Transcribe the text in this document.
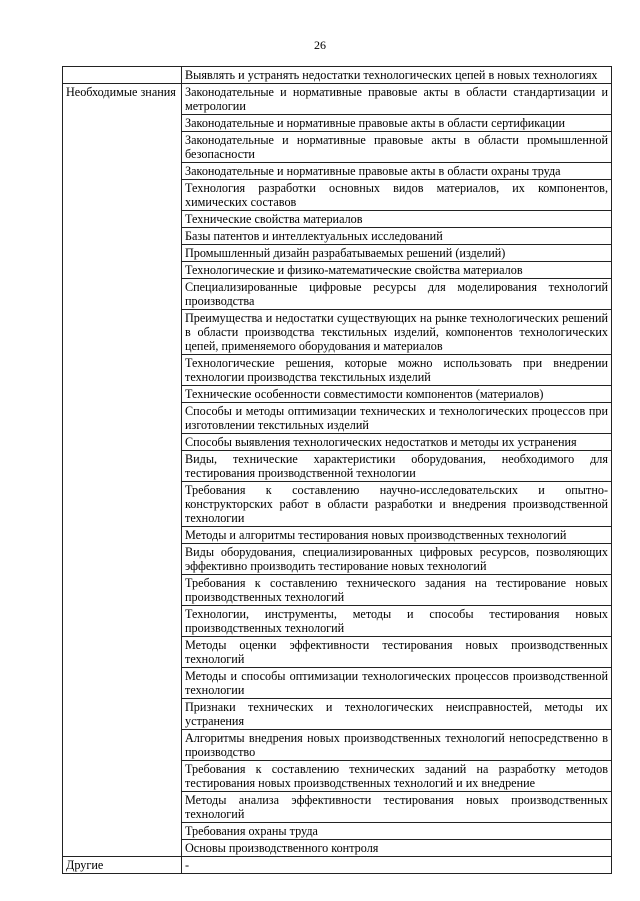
26
	Выявлять и устранять недостатки технологических цепей в новых технологиях
Необходимые знания	Законодательные и нормативные правовые акты в области стандартизации и метрологии
	Законодательные и нормативные правовые акты в области сертификации
	Законодательные и нормативные правовые акты в области промышленной безопасности
	Законодательные и нормативные правовые акты в области охраны труда
	Технология разработки основных видов материалов, их компонентов, химических составов
	Технические свойства материалов
	Базы патентов и интеллектуальных исследований
	Промышленный дизайн разрабатываемых решений (изделий)
	Технологические и физико-математические свойства материалов
	Специализированные цифровые ресурсы для моделирования технологий производства
	Преимущества и недостатки существующих на рынке технологических решений в области производства текстильных изделий, компонентов технологических цепей, применяемого оборудования и материалов
	Технологические решения, которые можно использовать при внедрении технологии производства текстильных изделий
	Технические особенности совместимости компонентов (материалов)
	Способы и методы оптимизации технических и технологических процессов при изготовлении текстильных изделий
	Способы выявления технологических недостатков и методы их устранения
	Виды, технические характеристики оборудования, необходимого для тестирования производственной технологии
	Требования к составлению научно-исследовательских и опытно-конструкторских работ в области разработки и внедрения производственной технологии
	Методы и алгоритмы тестирования новых производственных технологий
	Виды оборудования, специализированных цифровых ресурсов, позволяющих эффективно производить тестирование новых технологий
	Требования к составлению технического задания на тестирование новых производственных технологий
	Технологии, инструменты, методы и способы тестирования новых производственных технологий
	Методы оценки эффективности тестирования новых производственных технологий
	Методы и способы оптимизации технологических процессов производственной технологии
	Признаки технических и технологических неисправностей, методы их устранения
	Алгоритмы внедрения новых производственных технологий непосредственно в производство
	Требования к составлению технических заданий на разработку методов тестирования новых производственных технологий и их внедрение
	Методы анализа эффективности тестирования новых производственных технологий
	Требования охраны труда
	Основы производственного контроля
Другие	-
